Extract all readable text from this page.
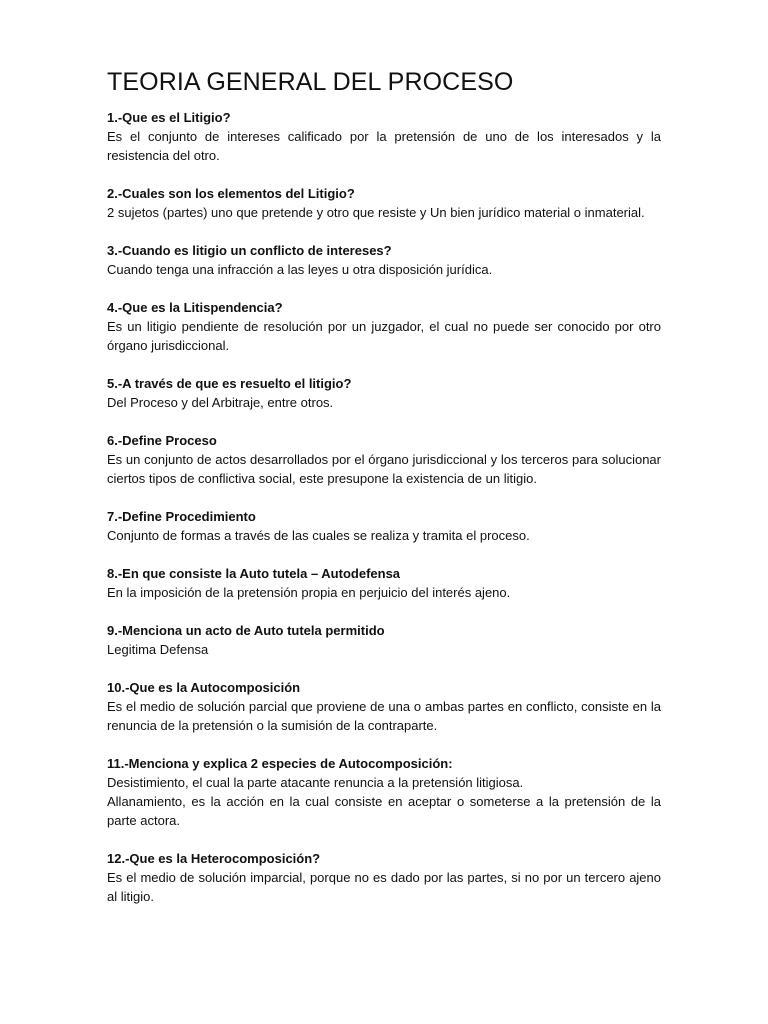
TEORIA GENERAL DEL PROCESO
1.-Que es el Litigio?
Es el conjunto de intereses calificado por la pretensión de uno de los interesados y la resistencia del otro.
2.-Cuales son los elementos del Litigio?
2 sujetos (partes) uno que pretende y otro que resiste y Un bien jurídico material o inmaterial.
3.-Cuando es litigio un conflicto de intereses?
Cuando tenga una infracción a las leyes u otra disposición jurídica.
4.-Que es la Litispendencia?
Es un litigio pendiente de resolución por un juzgador, el cual no puede ser conocido por otro órgano jurisdiccional.
5.-A través de que es resuelto el litigio?
Del Proceso y del Arbitraje, entre otros.
6.-Define Proceso
Es un conjunto de actos desarrollados por el órgano jurisdiccional y los terceros para solucionar ciertos tipos de conflictiva social, este presupone la existencia de un litigio.
7.-Define Procedimiento
Conjunto de formas a través de las cuales se realiza y tramita el proceso.
8.-En que consiste la Auto tutela – Autodefensa
En la imposición de la pretensión propia en perjuicio del interés ajeno.
9.-Menciona un acto de Auto tutela permitido
Legitima Defensa
10.-Que es la Autocomposición
Es el medio de solución parcial que proviene de una o ambas partes en conflicto, consiste en la renuncia de la pretensión o la sumisión de la contraparte.
11.-Menciona y explica 2 especies de Autocomposición:
Desistimiento, el cual la parte atacante renuncia a la pretensión litigiosa.
Allanamiento, es la acción en la cual consiste en aceptar o someterse a la pretensión de la parte actora.
12.-Que es la Heterocomposición?
Es el medio de solución imparcial, porque no es dado por las partes, si no por un tercero ajeno al litigio.
